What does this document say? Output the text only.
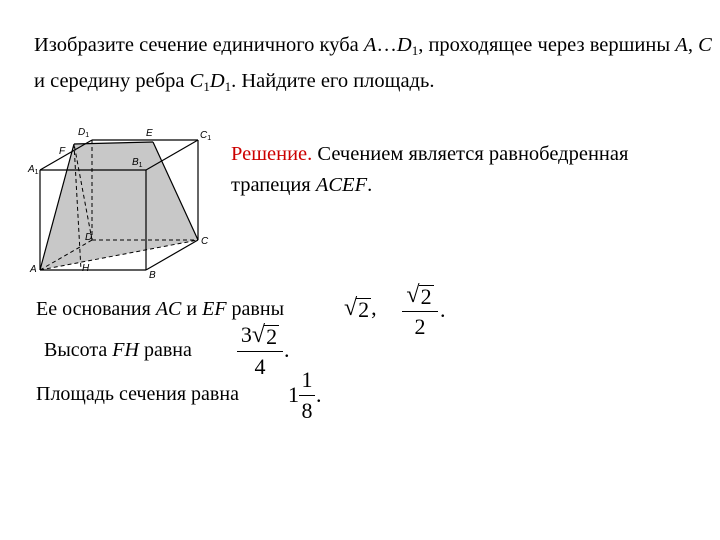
Изобразите сечение единичного куба $A\dots D_1$, проходящее через вершины A, C и середину ребра $C_1D_1$. Найдите его площадь.

$D_1$	E	$C_1$
F
$B_1$
$A_1$
D	C
A	H
B

Решение. Сечением является равнобедренная трапеция ACEF.

Ее основания AC и EF равны √ 2 , √ 2
2
.
Высота FH равна
3 √ 2
4
.
Площадь сечения равна 1
1
8
.
